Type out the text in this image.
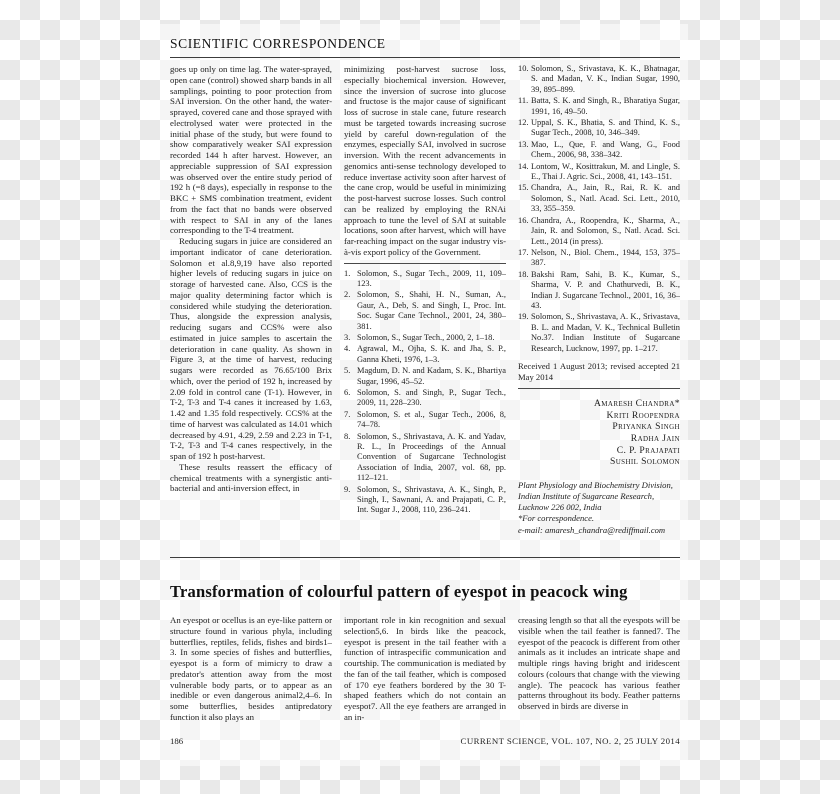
SCIENTIFIC CORRESPONDENCE

goes up only on time lag. The water-sprayed, open cane (control) showed sharp bands in all samplings, pointing to poor protection from SAI inversion. On the other hand, the water-sprayed, covered cane and those sprayed with electrolysed water were protected in the initial phase of the study, but were found to show comparatively weaker SAI expression recorded 144 h after harvest. However, an appreciable suppression of SAI expression was observed over the entire study period of 192 h (=8 days), especially in response to the BKC + SMS combination treatment, evident from the fact that no bands were observed with respect to SAI in any of the lanes corresponding to the T-4 treatment.

Reducing sugars in juice are considered an important indicator of cane deterioration. Solomon et al.8,9,19 have also reported higher levels of reducing sugars in juice on storage of harvested cane. Also, CCS is the major quality determining factor which is considered while studying the deterioration. Thus, alongside the expression analysis, reducing sugars and CCS% were also estimated in juice samples to ascertain the deterioration in cane quality. As shown in Figure 3, at the time of harvest, reducing sugars were recorded as 76.65/100 Brix which, over the period of 192 h, increased by 2.09 fold in control cane (T-1). However, in T-2, T-3 and T-4 canes it increased by 1.63, 1.42 and 1.35 fold respectively. CCS% at the time of harvest was calculated as 14.01 which decreased by 4.91, 4.29, 2.59 and 2.23 in T-1, T-2, T-3 and T-4 canes respectively, in the span of 192 h post-harvest.

These results reassert the efficacy of chemical treatments with a synergistic anti-bacterial and anti-inversion effect, in

minimizing post-harvest sucrose loss, especially biochemical inversion. However, since the inversion of sucrose into glucose and fructose is the major cause of significant loss of sucrose in stale cane, future research must be targeted towards increasing sucrose yield by careful down-regulation of the enzymes, especially SAI, involved in sucrose inversion. With the recent advancements in genomics anti-sense technology developed to reduce invertase activity soon after harvest of the cane crop, would be useful in minimizing the post-harvest sucrose losses. Such control can be realized by employing the RNAi approach to tune the level of SAI at suitable locations, soon after harvest, which will have far-reaching impact on the sugar industry vis-à-vis export policy of the Government.

1. Solomon, S., Sugar Tech., 2009, 11, 109–123.
2. Solomon, S., Shahi, H. N., Suman, A., Gaur, A., Deb, S. and Singh, I., Proc. Int. Soc. Sugar Cane Technol., 2001, 24, 380–381.
3. Solomon, S., Sugar Tech., 2000, 2, 1–18.
4. Agrawal, M., Ojha, S. K. and Jha, S. P., Ganna Kheti, 1976, 1–3.
5. Magdum, D. N. and Kadam, S. K., Bhartiya Sugar, 1996, 45–52.
6. Solomon, S. and Singh, P., Sugar Tech., 2009, 11, 228–230.
7. Solomon, S. et al., Sugar Tech., 2006, 8, 74–78.
8. Solomon, S., Shrivastava, A. K. and Yadav, R. L., In Proceedings of the Annual Convention of Sugarcane Technologist Association of India, 2007, vol. 68, pp. 112–121.
9. Solomon, S., Shrivastava, A. K., Singh, P., Singh, I., Sawnani, A. and Prajapati, C. P., Int. Sugar J., 2008, 110, 236–241.
10. Solomon, S., Srivastava, K. K., Bhatnagar, S. and Madan, V. K., Indian Sugar, 1990, 39, 895–899.
11. Batta, S. K. and Singh, R., Bharatiya Sugar, 1991, 16, 49–50.
12. Uppal, S. K., Bhatia, S. and Thind, K. S., Sugar Tech., 2008, 10, 346–349.
13. Mao, L., Que, F. and Wang, G., Food Chem., 2006, 98, 338–342.
14. Lontom, W., Kosittrakun, M. and Lingle, S. E., Thai J. Agric. Sci., 2008, 41, 143–151.
15. Chandra, A., Jain, R., Rai, R. K. and Solomon, S., Natl. Acad. Sci. Lett., 2010, 33, 355–359.
16. Chandra, A., Roopendra, K., Sharma, A., Jain, R. and Solomon, S., Natl. Acad. Sci. Lett., 2014 (in press).
17. Nelson, N., Biol. Chem., 1944, 153, 375–387.
18. Bakshi Ram, Sahi, B. K., Kumar, S., Sharma, V. P. and Chathurvedi, B. K., Indian J. Sugarcane Technol., 2001, 16, 36–43.
19. Solomon, S., Shrivastava, A. K., Srivastava, B. L. and Madan, V. K., Technical Bulletin No.37. Indian Institute of Sugarcane Research, Lucknow, 1997, pp. 1–217.
Received 1 August 2013; revised accepted 21 May 2014
Amaresh Chandra*
Kriti Roopendra
Priyanka Singh
Radha Jain
C. P. Prajapati
Sushil Solomon
Plant Physiology and Biochemistry Division,
Indian Institute of Sugarcane Research,
Lucknow 226 002, India
*For correspondence.
e-mail: amaresh_chandra@rediffmail.com
Transformation of colourful pattern of eyespot in peacock wing

An eyespot or ocellus is an eye-like pattern or structure found in various phyla, including butterflies, reptiles, felids, fishes and birds1–3. In some species of fishes and butterflies, eyespot is a form of mimicry to draw a predator's attention away from the most vulnerable body parts, or to appear as an inedible or even dangerous animal2,4–6. In some butterflies, besides antipredatory function it also plays an

important role in kin recognition and sexual selection5,6. In birds like the peacock, eyespot is present in the tail feather with a function of intraspecific communication and courtship. The communication is mediated by the fan of the tail feather, which is composed of 170 eye feathers bordered by the 30 T-shaped feathers which do not contain an eyespot7. All the eye feathers are arranged in an in-

creasing length so that all the eyespots will be visible when the tail feather is fanned7. The eyespot of the peacock is different from other animals as it includes an intricate shape and multiple rings having bright and iridescent colours (colours that change with the viewing angle). The peacock has various feather patterns throughout its body. Feather patterns observed in birds are diverse in

186	CURRENT SCIENCE, VOL. 107, NO. 2, 25 JULY 2014
